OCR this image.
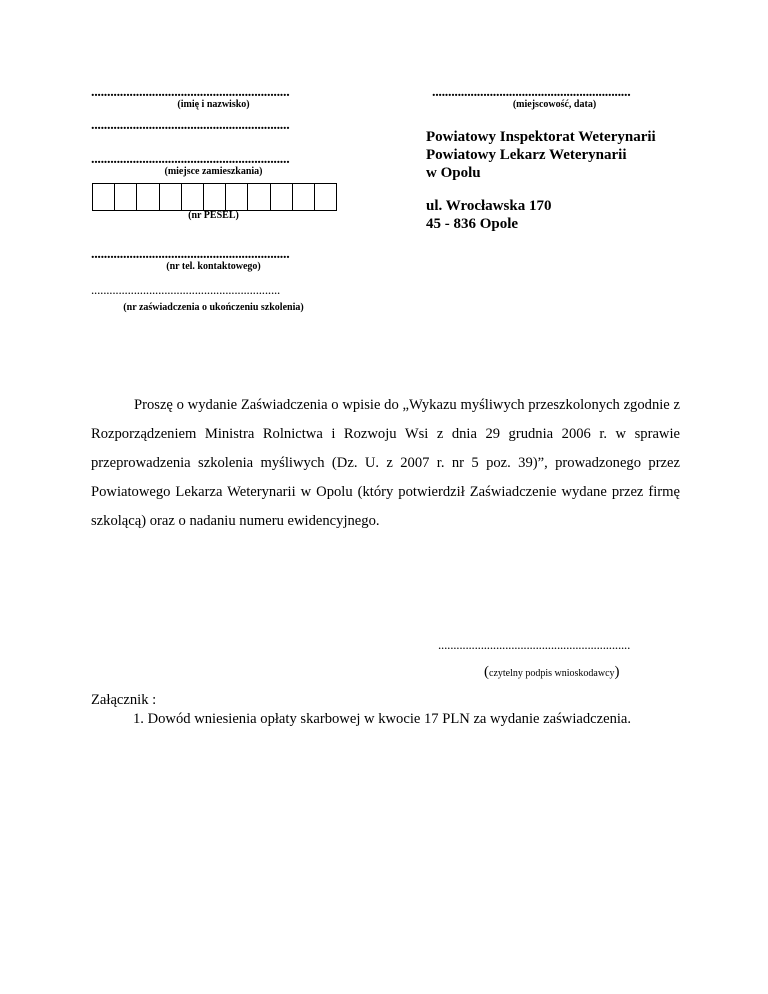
..............................................................
(imię i nazwisko)
..............................................................
..............................................................
(miejsce zamieszkania)
(nr PESEL)
..............................................................
(nr tel. kontaktowego)
..............................................................
(nr zaświadczenia o ukończeniu szkolenia)
..............................................................
(miejscowość, data)
Powiatowy Inspektorat Weterynarii
Powiatowy Lekarz Weterynarii
w Opolu
ul. Wrocławska 170
45 - 836 Opole
Proszę o wydanie Zaświadczenia o wpisie do „Wykazu myśliwych przeszkolonych zgodnie z Rozporządzeniem Ministra Rolnictwa i Rozwoju Wsi z dnia 29 grudnia 2006 r. w sprawie przeprowadzenia szkolenia myśliwych (Dz. U. z 2007 r. nr 5 poz. 39)”, prowadzonego przez Powiatowego Lekarza Weterynarii w Opolu (który potwierdził Zaświadczenie wydane przez firmę szkolącą) oraz o nadaniu numeru ewidencyjnego.
...............................................................
(czytelny podpis wnioskodawcy)
Załącznik :
1. Dowód wniesienia opłaty skarbowej w kwocie 17 PLN za wydanie zaświadczenia.
